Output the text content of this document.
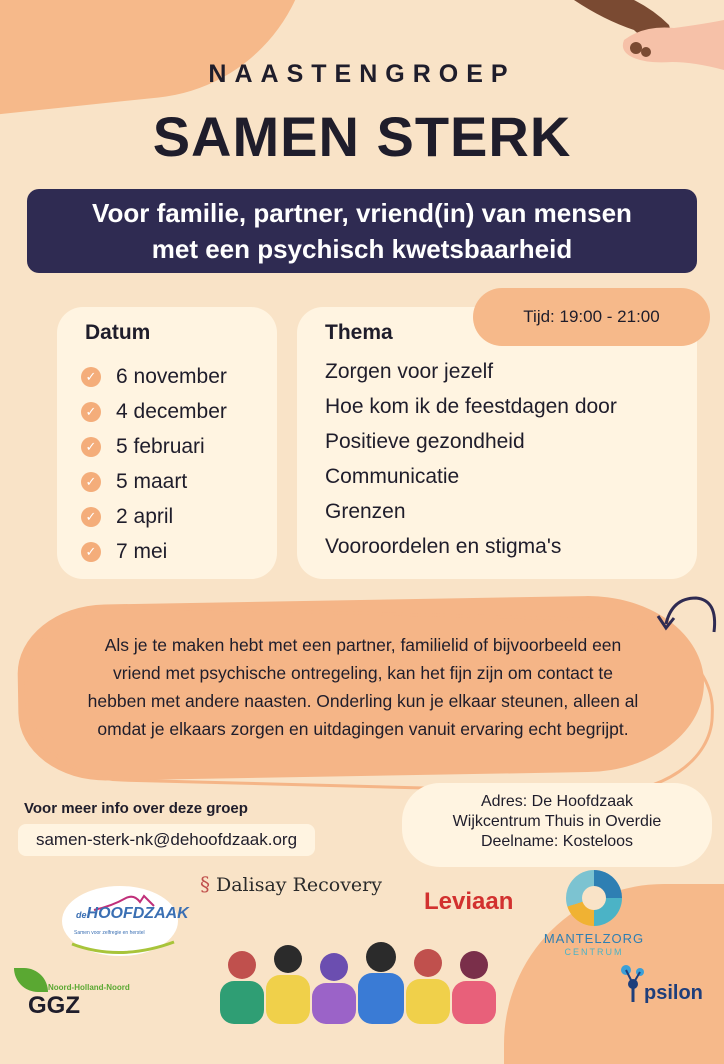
NAASTENGROEP
SAMEN STERK
Voor familie, partner, vriend(in) van mensen
met een psychisch kwetsbaarheid
Datum
✓ 6 november
✓ 4 december
✓ 5 februari
✓ 5 maart
✓ 2 april
✓ 7 mei
Thema
Zorgen voor jezelf
Hoe kom ik de feestdagen door
Positieve gezondheid
Communicatie
Grenzen
Vooroordelen en stigma's
Tijd: 19:00 - 21:00
Als je te maken hebt met een partner, familielid of bijvoorbeeld een
vriend met psychische ontregeling, kan het fijn zijn om contact te
hebben met andere naasten. Onderling kun je elkaar steunen, alleen al
omdat je elkaars zorgen en uitdagingen vanuit ervaring echt begrijpt.
Voor meer info over deze groep
samen-sterk-nk@dehoofdzaak.org
Adres: De Hoofdzaak
Wijkcentrum Thuis in Overdie
Deelname: Kosteloos
deHOOFDZAAK
Samen voor zelfregie en herstel
§ Dalisay Recovery
Leviaan
MANTELZORG
CENTRUM
Noord-Holland-Noord
GGZ	psilon
